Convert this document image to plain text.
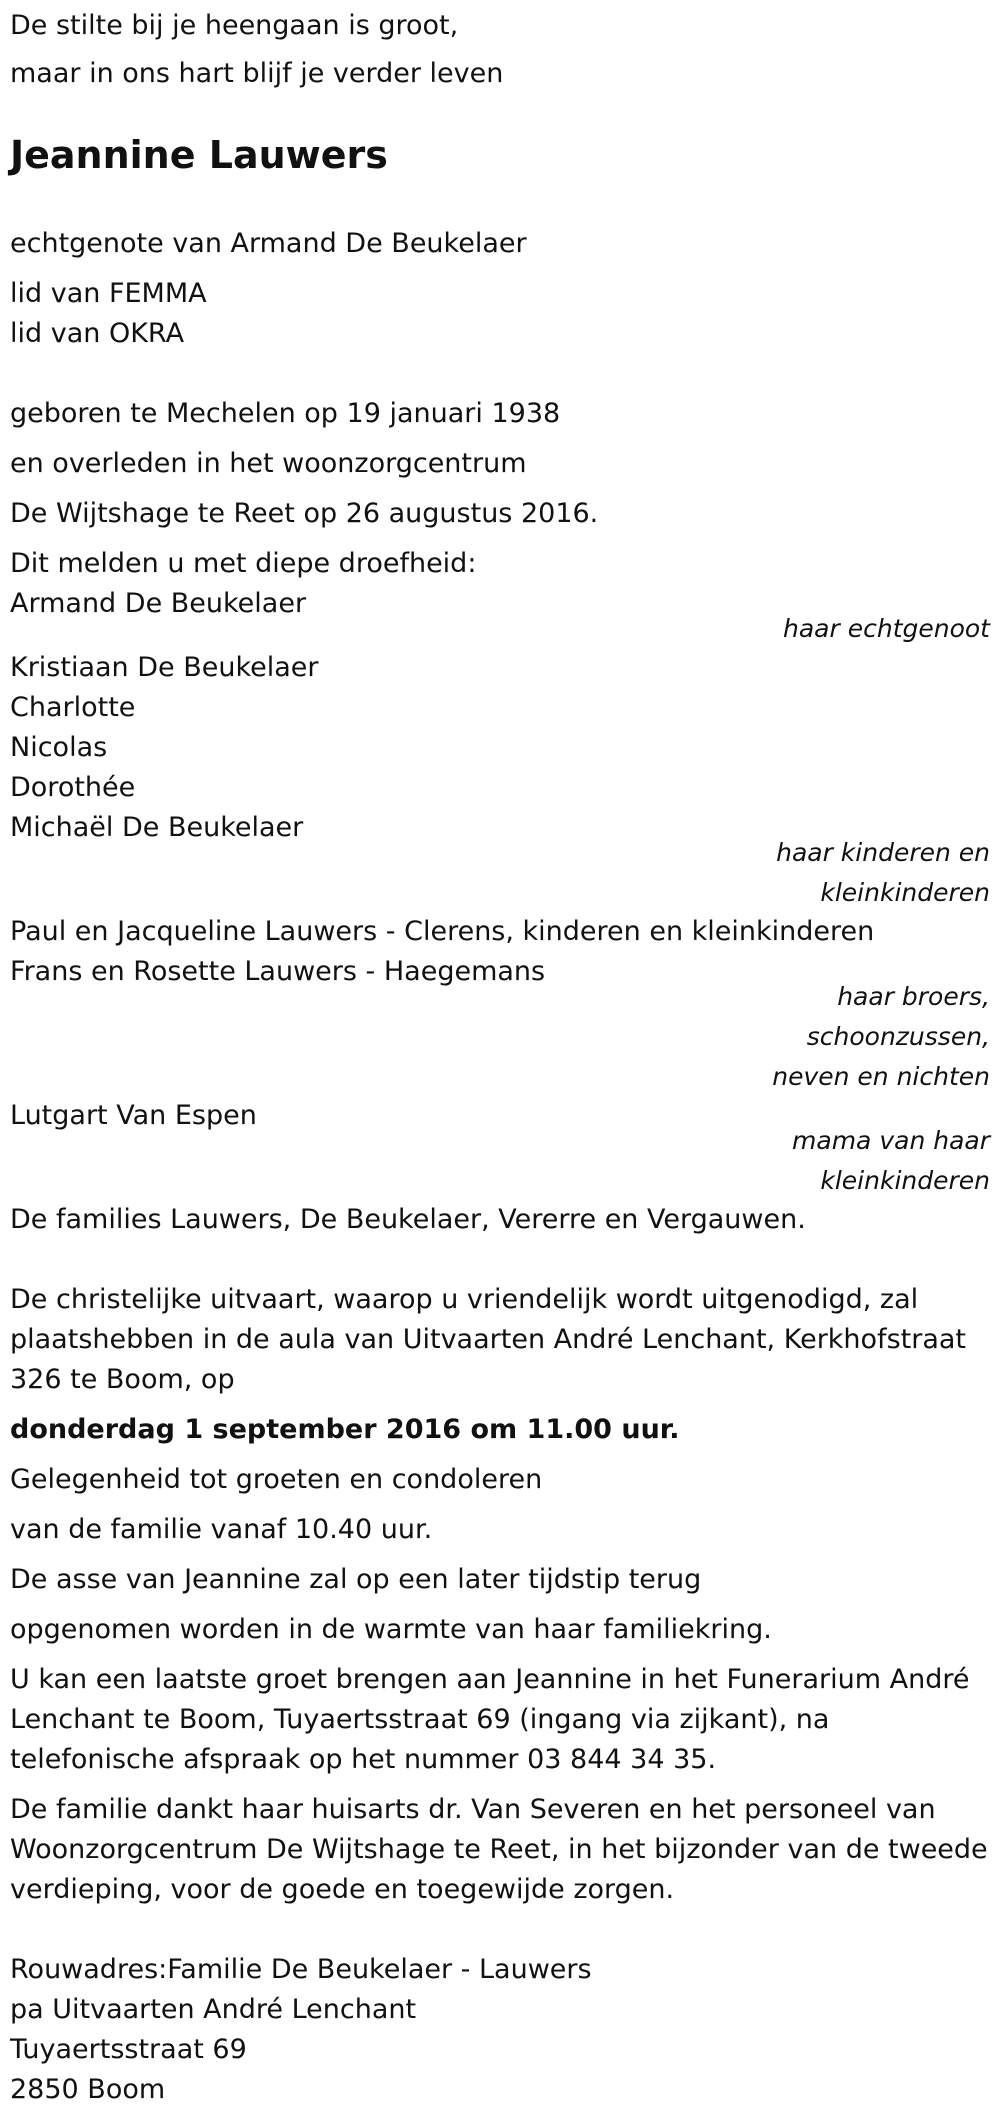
De stilte bij je heengaan is groot,
maar in ons hart blijf je verder leven
Jeannine Lauwers
echtgenote van Armand De Beukelaer
lid van FEMMA
lid van OKRA
geboren te Mechelen op 19 januari 1938
en overleden in het woonzorgcentrum
De Wijtshage te Reet op 26 augustus 2016.
Dit melden u met diepe droefheid:
Armand De Beukelaer
haar echtgenoot
Kristiaan De Beukelaer
Charlotte
Nicolas
Dorothée
Michaël De Beukelaer
haar kinderen en
kleinkinderen
Paul en Jacqueline Lauwers - Clerens, kinderen en kleinkinderen
Frans en Rosette Lauwers - Haegemans
haar broers,
schoonzussen,
neven en nichten
Lutgart Van Espen
mama van haar
kleinkinderen
De families Lauwers, De Beukelaer, Vererre en Vergauwen.
De christelijke uitvaart, waarop u vriendelijk wordt uitgenodigd, zal
plaatshebben in de aula van Uitvaarten André Lenchant, Kerkhofstraat
326 te Boom, op
donderdag 1 september 2016 om 11.00 uur.
Gelegenheid tot groeten en condoleren
van de familie vanaf 10.40 uur.
De asse van Jeannine zal op een later tijdstip terug
opgenomen worden in de warmte van haar familiekring.
U kan een laatste groet brengen aan Jeannine in het Funerarium André
Lenchant te Boom, Tuyaertsstraat 69 (ingang via zijkant), na
telefonische afspraak op het nummer 03 844 34 35.
De familie dankt haar huisarts dr. Van Severen en het personeel van
Woonzorgcentrum De Wijtshage te Reet, in het bijzonder van de tweede
verdieping, voor de goede en toegewijde zorgen.
Rouwadres:Familie De Beukelaer - Lauwers
pa Uitvaarten André Lenchant
Tuyaertsstraat 69
2850 Boom
